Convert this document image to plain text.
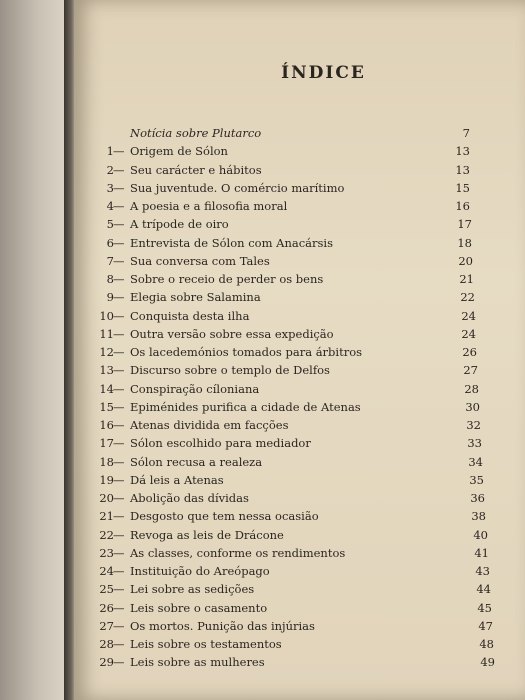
ÍNDICE
Notícia sobre Plutarco	7
1 — Origem de Sólon	13
2 — Seu carácter e hábitos	13
3 — Sua juventude. O comércio marítimo	15
4 — A poesia e a filosofia moral	16
5 — A trípode de oiro	17
6 — Entrevista de Sólon com Anacársis	18
7 — Sua conversa com Tales	20
8 — Sobre o receio de perder os bens	21
9 — Elegia sobre Salamina	22
10 — Conquista desta ilha	24
11 — Outra versão sobre essa expedição	24
12 — Os lacedemónios tomados para árbitros	26
13 — Discurso sobre o templo de Delfos	27
14 — Conspiração cíloniana	28
15 — Epiménides purifica a cidade de Atenas	30
16 — Atenas dividida em facções	32
17 — Sólon escolhido para mediador	33
18 — Sólon recusa a realeza	34
19 — Dá leis a Atenas	35
20 — Abolição das dívidas	36
21 — Desgosto que tem nessa ocasião	38
22 — Revoga as leis de Drácone	40
23 — As classes, conforme os rendimentos	41
24 — Instituição do Areópago	43
25 — Lei sobre as sedições	44
26 — Leis sobre o casamento	45
27 — Os mortos. Punição das injúrias	47
28 — Leis sobre os testamentos	48
29 — Leis sobre as mulheres	49
